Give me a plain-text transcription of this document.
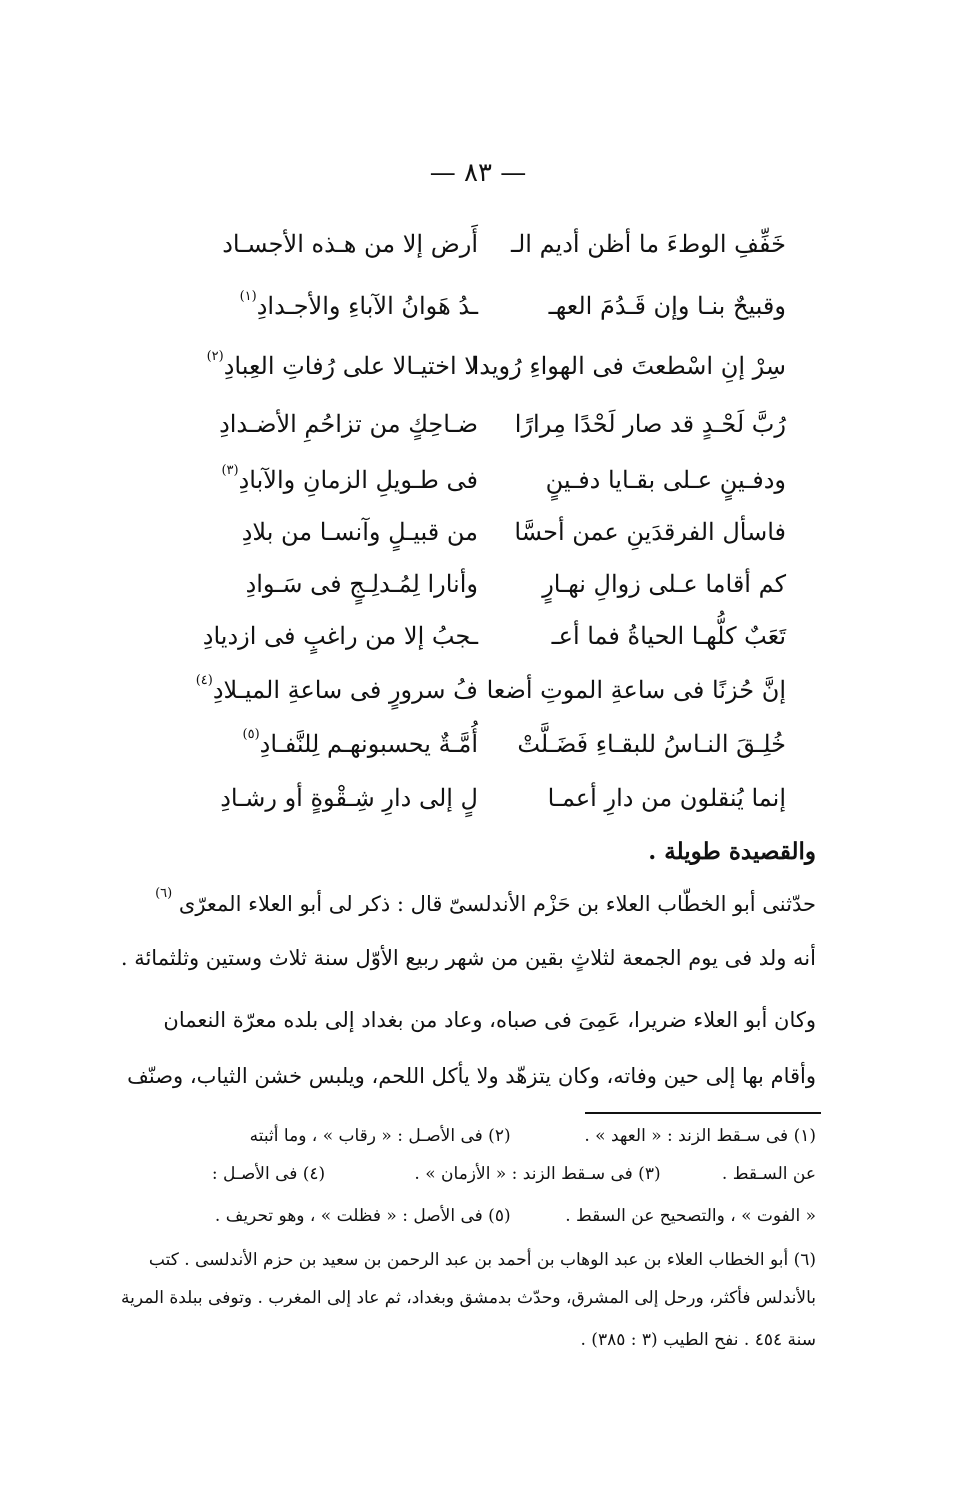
— ٨٣ —
خَفِّفِ الوطءَ ما أظن أديم الـ
أَرض إلا من هـذه الأجسـاد
وقبيحٌ بنـا وإن قَـدُمَ العهـ
ـدُ هَوانُ الآباءِ والأجـدادِ$^{(١)}$
سِرْ إنِ اسْطعتَ فى الهواءِ رُويدا
لا اختيـالا على رُفاتِ العِبادِ$^{(٢)}$
رُبَّ لَحْـدٍ قد صار لَحْدًا مِرارًا
ضـاحِكٍ من تزاحُمِ الأضـدادِ
ودفـينٍ عـلى بقـايا دفـينٍ
فى طـويلِ الزمانِ والآبادِ$^{(٣)}$
فاسأل الفرقدَينِ عمن أحسَّا
من قبيـلٍ وآنسـا من بلادِ
كم أقاما عـلى زوالِ نهـارٍ
وأنارا لِمُـدلِـجٍ فى سَـوادِ
تَعَبٌ كلُّهـا الحياةُ فما أعـ
ـجبُ إلا من راغبٍ فى ازديادِ
إنَّ حُزنًا فى ساعةِ الموتِ أضعا
فُ سرورٍ فى ساعةِ الميـلادِ$^{(٤)}$
خُلِـقَ النـاسُ للبقـاءِ فَضَـلَّتْ
أُمَّـةٌ يحسبونهـم لِلنَّفـادِ$^{(٥)}$
إنما يُنقلون من دارِ أعمـا
لٍ إلى دارِ شِـقْوةٍ أو رشـادِ
والقصيدة طويلة .
حدّثنى أبو الخطّاب العلاء بن حَزْم الأندلسىّ قال : ذكر لى أبو العلاء المعرّى $^{(٦)}$
أنه ولد فى يوم الجمعة لثلاثٍ بقين من شهر ربيع الأوّل سنة ثلاث وستين وثلثمائة .
وكان أبو العلاء ضريرا، عَمِىَ فى صباه، وعاد من بغداد إلى بلده معرّة النعمان
وأقام بها إلى حين وفاته، وكان يتزهّد ولا يأكل اللحم، ويلبس خشن الثياب، وصنّف
(١) فى سـقط الزند : « العهد » . (٢) فى الأصـل : « رقاب » ، وما أثبته
عن السـقط . (٣) فى سـقط الزند : « الأزمان » . (٤) فى الأصـل :
« الفوت » ، والتصحيح عن السقط . (٥) فى الأصل : « فظلت » ، وهو تحريف .
(٦) أبو الخطاب العلاء بن عبد الوهاب بن أحمد بن عبد الرحمن بن سعيد بن حزم الأندلسى . كتب
بالأندلس فأكثر، ورحل إلى المشرق، وحدّث بدمشق وبغداد، ثم عاد إلى المغرب . وتوفى ببلدة المرية
سنة ٤٥٤ . نفح الطيب (٣ : ٣٨٥) .
